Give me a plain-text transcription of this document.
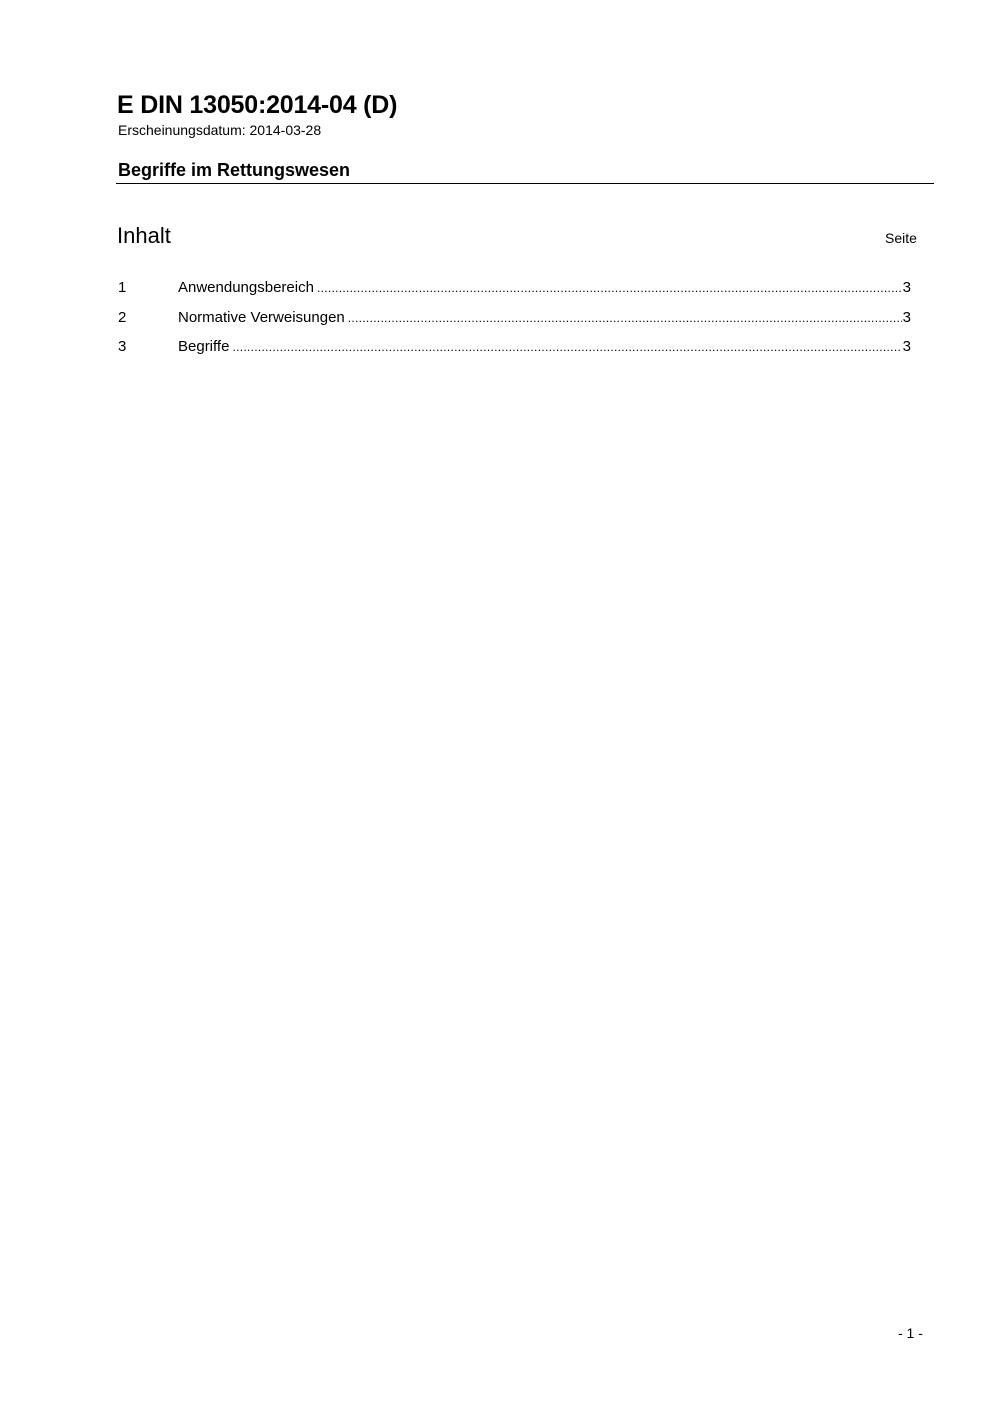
E DIN 13050:2014-04 (D)
Erscheinungsdatum: 2014-03-28
Begriffe im Rettungswesen
Inhalt	Seite
1	Anwendungsbereich .....	3
2	Normative Verweisungen .....	3
3	Begriffe .....	3
- 1 -
